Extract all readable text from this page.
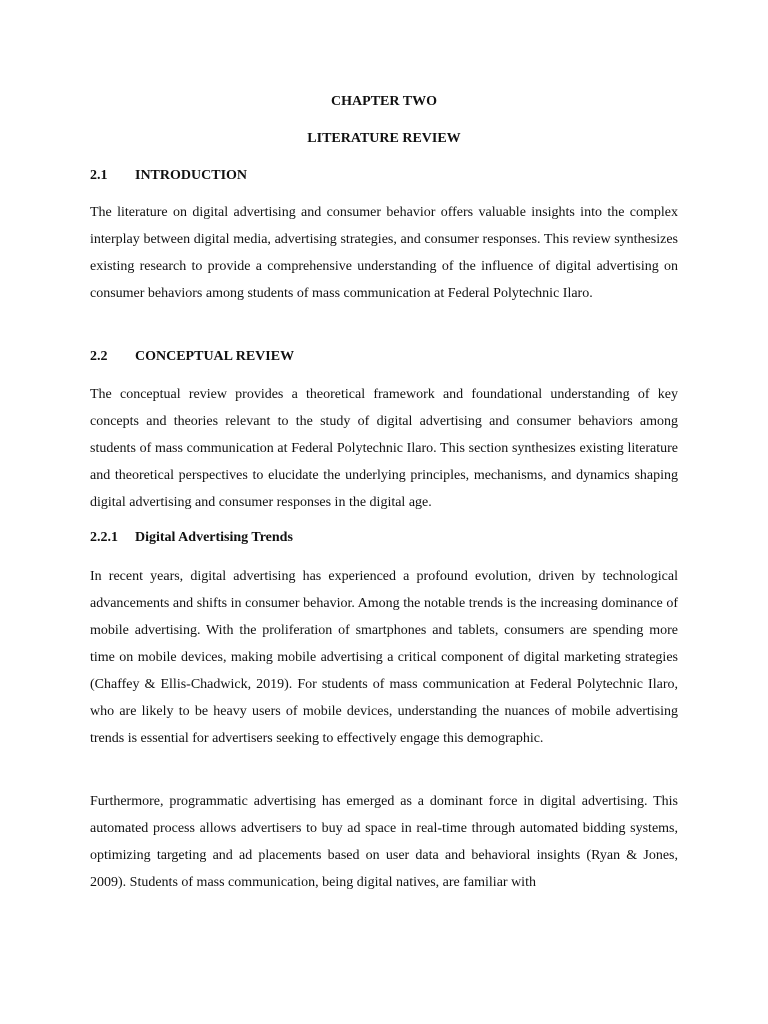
CHAPTER TWO
LITERATURE REVIEW
2.1 INTRODUCTION

The literature on digital advertising and consumer behavior offers valuable insights into the complex interplay between digital media, advertising strategies, and consumer responses. This review synthesizes existing research to provide a comprehensive understanding of the influence of digital advertising on consumer behaviors among students of mass communication at Federal Polytechnic Ilaro.

2.2 CONCEPTUAL REVIEW

The conceptual review provides a theoretical framework and foundational understanding of key concepts and theories relevant to the study of digital advertising and consumer behaviors among students of mass communication at Federal Polytechnic Ilaro. This section synthesizes existing literature and theoretical perspectives to elucidate the underlying principles, mechanisms, and dynamics shaping digital advertising and consumer responses in the digital age.

2.2.1 Digital Advertising Trends

In recent years, digital advertising has experienced a profound evolution, driven by technological advancements and shifts in consumer behavior. Among the notable trends is the increasing dominance of mobile advertising. With the proliferation of smartphones and tablets, consumers are spending more time on mobile devices, making mobile advertising a critical component of digital marketing strategies (Chaffey & Ellis-Chadwick, 2019). For students of mass communication at Federal Polytechnic Ilaro, who are likely to be heavy users of mobile devices, understanding the nuances of mobile advertising trends is essential for advertisers seeking to effectively engage this demographic.

Furthermore, programmatic advertising has emerged as a dominant force in digital advertising. This automated process allows advertisers to buy ad space in real-time through automated bidding systems, optimizing targeting and ad placements based on user data and behavioral insights (Ryan & Jones, 2009). Students of mass communication, being digital natives, are familiar with
